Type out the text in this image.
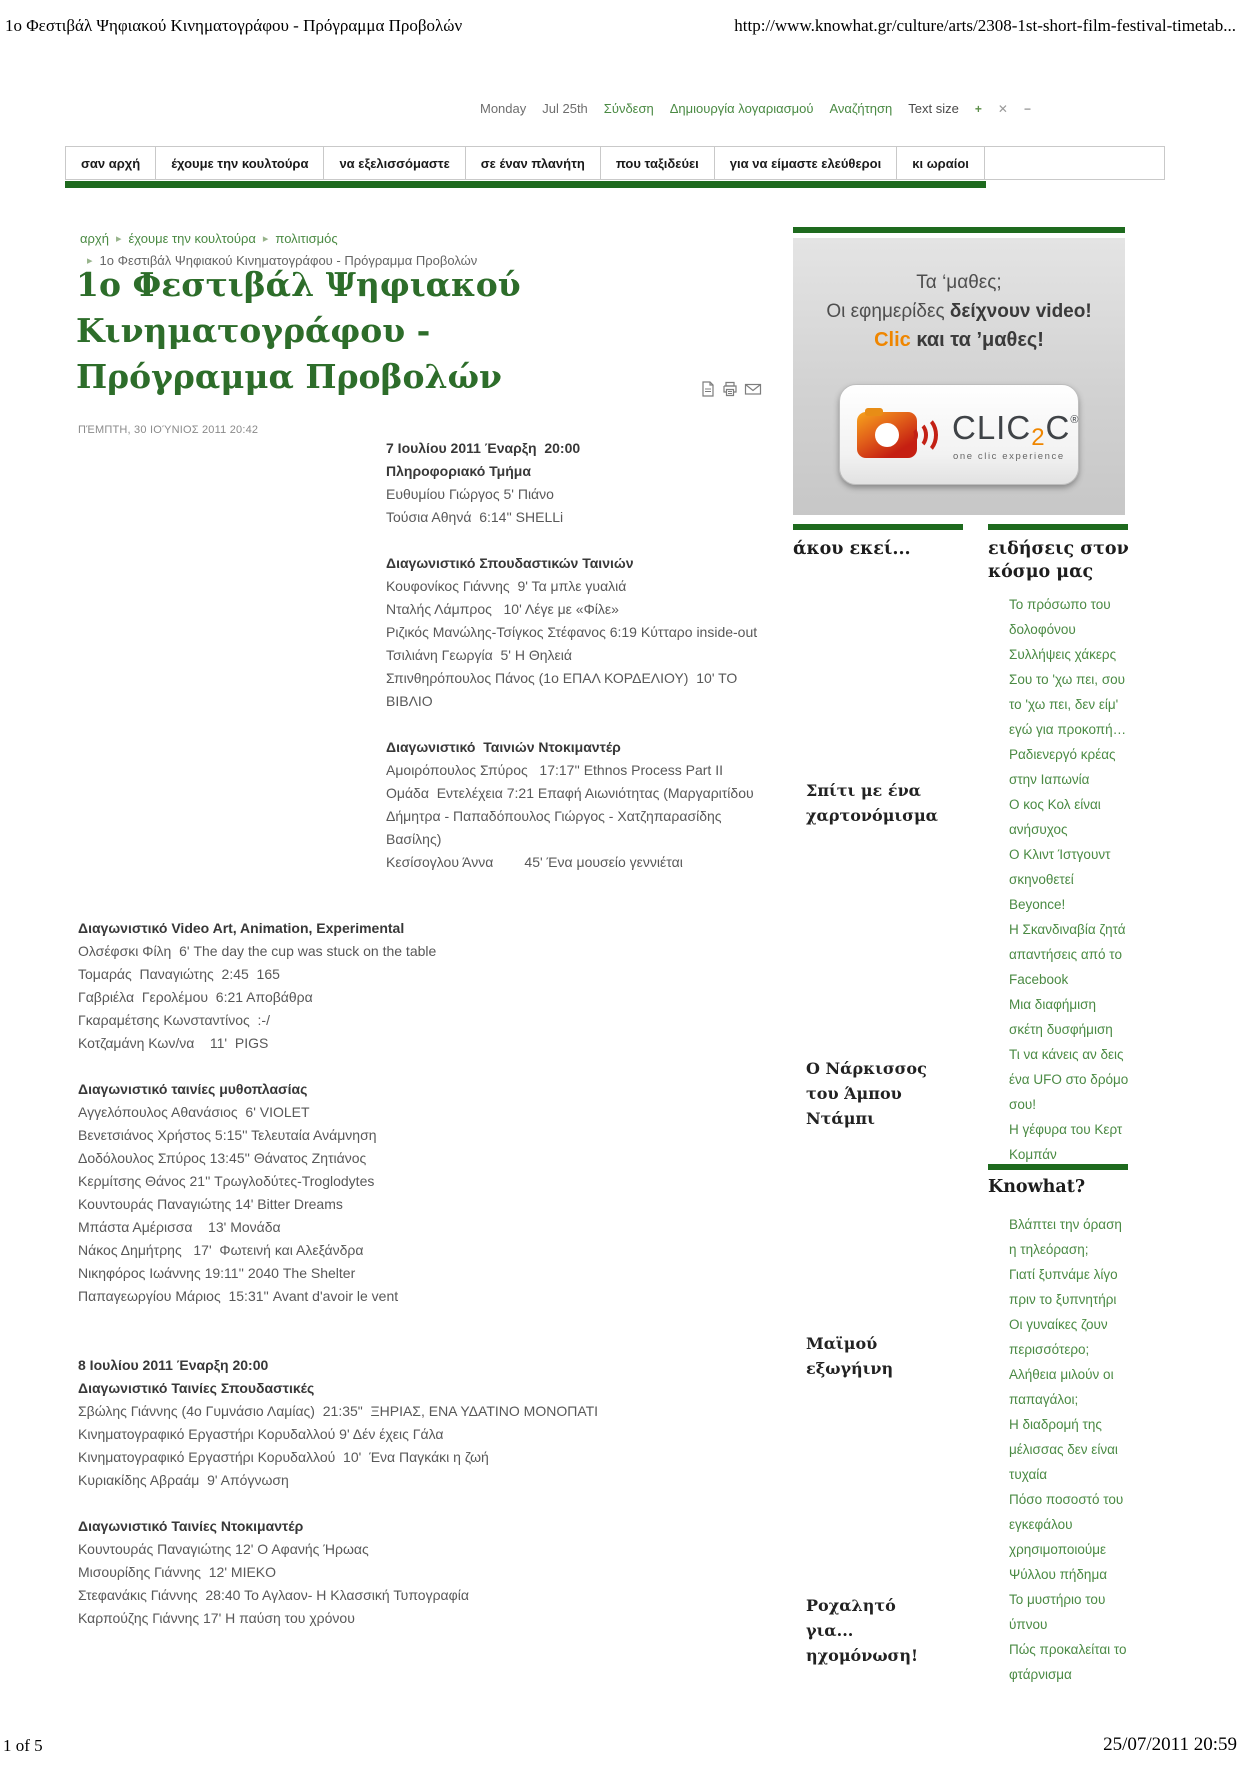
1ο Φεστιβάλ Ψηφιακού Κινηματογράφου - Πρόγραμμα Προβολών	http://www.knowhat.gr/culture/arts/2308-1st-short-film-festival-timetab...
Monday Jul 25th Σύνδεση Δημιουργία λογαριασμού Αναζήτηση Text size + ✕ −
σαν αρχή έχουμε την κουλτούρα να εξελισσόμαστε σε έναν πλανήτη που ταξιδεύει για να είμαστε ελεύθεροι κι ωραίοι
αρχή ▸ έχουμε την κουλτούρα ▸ πολιτισμός
▸
1ο Φεστιβάλ Ψηφιακού Κινηματογράφου - Πρόγραμμα Προβολών
1ο Φεστιβάλ Ψηφιακού Κινηματογράφου - Πρόγραμμα Προβολών
ΠΈΜΠΤΗ, 30 ΙΟΎΝΙΟΣ 2011 20:42
7 Ιουλίου 2011 Έναρξη  20:00
Πληροφοριακό Τμήμα
Ευθυμίου Γιώργος 5' Πιάνο
Τούσια Αθηνά  6:14'' SHELLi
Διαγωνιστικό Σπουδαστικών Ταινιών
Κουφονίκος Γιάννης  9' Τα μπλε γυαλιά
Νταλής Λάμπρος   10' Λέγε με «Φίλε»
Ριζικός Μανώλης-Τσίγκος Στέφανος 6:19 Κύτταρο inside-out
Τσιλιάνη Γεωργία  5' Η Θηλειά
Σπινθηρόπουλος Πάνος (1ο ΕΠΑΛ ΚΟΡΔΕΛΙΟΥ)  10' ΤΟ ΒΙΒΛΙΟ
Διαγωνιστικό  Ταινιών Ντοκιμαντέρ
Αμοιρόπουλος Σπύρος   17:17'' Ethnos Process Part II
Ομάδα  Εντελέχεια 7:21 Επαφή Αιωνιότητας (Μαργαριτίδου Δήμητρα - Παπαδόπουλος Γιώργος - Χατζηπαρασίδης Βασίλης)
Κεσίσογλου Άννα        45' Ένα μουσείο γεννιέται
Διαγωνιστικό Video Art, Animation, Experimental
Ολσέφσκι Φίλη  6' The day the cup was stuck on the table
Τομαράς  Παναγιώτης  2:45  165
Γαβριέλα  Γερολέμου  6:21 Αποβάθρα
Γκαραμέτσης Κωνσταντίνος  :-/
Κοτζαμάνη Κων/να    11'  PIGS
Διαγωνιστικό ταινίες μυθοπλασίας
Αγγελόπουλος Αθανάσιος  6' VIOLET
Βενετσιάνος Χρήστος 5:15'' Τελευταία Ανάμνηση
Δοδόλουλος Σπύρος 13:45'' Θάνατος Ζητιάνος
Κερμίτσης Θάνος 21'' Τρωγλοδύτες-Troglodytes
Κουντουράς Παναγιώτης 14' Bitter Dreams
Μπάστα Αμέρισσα    13' Μονάδα
Νάκος Δημήτρης   17'  Φωτεινή και Αλεξάνδρα
Νικηφόρος Ιωάννης 19:11'' 2040 The Shelter
Παπαγεωργίου Μάριος  15:31'' Avant d'avoir le vent
8 Ιουλίου 2011 Έναρξη 20:00
Διαγωνιστικό Ταινίες Σπουδαστικές
Σβώλης Γιάννης (4ο Γυμνάσιο Λαμίας)  21:35"  ΞΗΡΙΑΣ, ΕΝΑ ΥΔΑΤΙΝΟ ΜΟΝΟΠΑΤΙ
Κινηματογραφικό Εργαστήρι Κορυδαλλού 9' Δέν έχεις Γάλα
Κινηματογραφικό Εργαστήρι Κορυδαλλού  10'  Ένα Παγκάκι η ζωή
Κυριακίδης Αβραάμ  9' Απόγνωση
Διαγωνιστικό Ταινίες Ντοκιμαντέρ
Κουντουράς Παναγιώτης 12' Ο Αφανής Ήρωας
Μισουρίδης Γιάννης  12' MIEKO
Στεφανάκις Γιάννης  28:40 Το Αγλαον- Η Κλασσική Τυπογραφία
Καρπούζης Γιάννης 17' Η παύση του χρόνου
Τα ‘μαθες;
Οι εφημερίδες δείχνουν video!
Clic και τα ’μαθες!
CLIC2C®
one clic experience
άκου εκεί...
Σπίτι με ένα χαρτονόμισμα
Ο Νάρκισσος του Άμπου Ντάμπι
Μαϊμού εξωγήινη
Ροχαλητό για... ηχομόνωση!
ειδήσεις στον κόσμο μας
Το πρόσωπο του δολοφόνου
Συλλήψεις χάκερς
Σου το 'χω πει, σου το 'χω πει, δεν είμ' εγώ για προκοπή…
Ραδιενεργό κρέας στην Ιαπωνία
Ο κος Κολ είναι ανήσυχος
Ο Κλιντ Ίστγουντ σκηνοθετεί Beyonce!
Η Σκανδιναβία ζητά απαντήσεις από το Facebook
Μια διαφήμιση σκέτη δυσφήμιση
Τι να κάνεις αν δεις ένα UFO στο δρόμο σου!
Η γέφυρα του Κερτ Κομπάν
Knowhat?
Βλάπτει την όραση η τηλεόραση;
Γιατί ξυπνάμε λίγο πριν το ξυπνητήρι
Οι γυναίκες ζουν περισσότερο;
Αλήθεια μιλούν οι παπαγάλοι;
Η διαδρομή της μέλισσας δεν είναι τυχαία
Πόσο ποσοστό του εγκεφάλου χρησιμοποιούμε
Ψύλλου πήδημα
Το μυστήριο του ύπνου
Πώς προκαλείται το φτάρνισμα
1 of 5	25/07/2011 20:59
